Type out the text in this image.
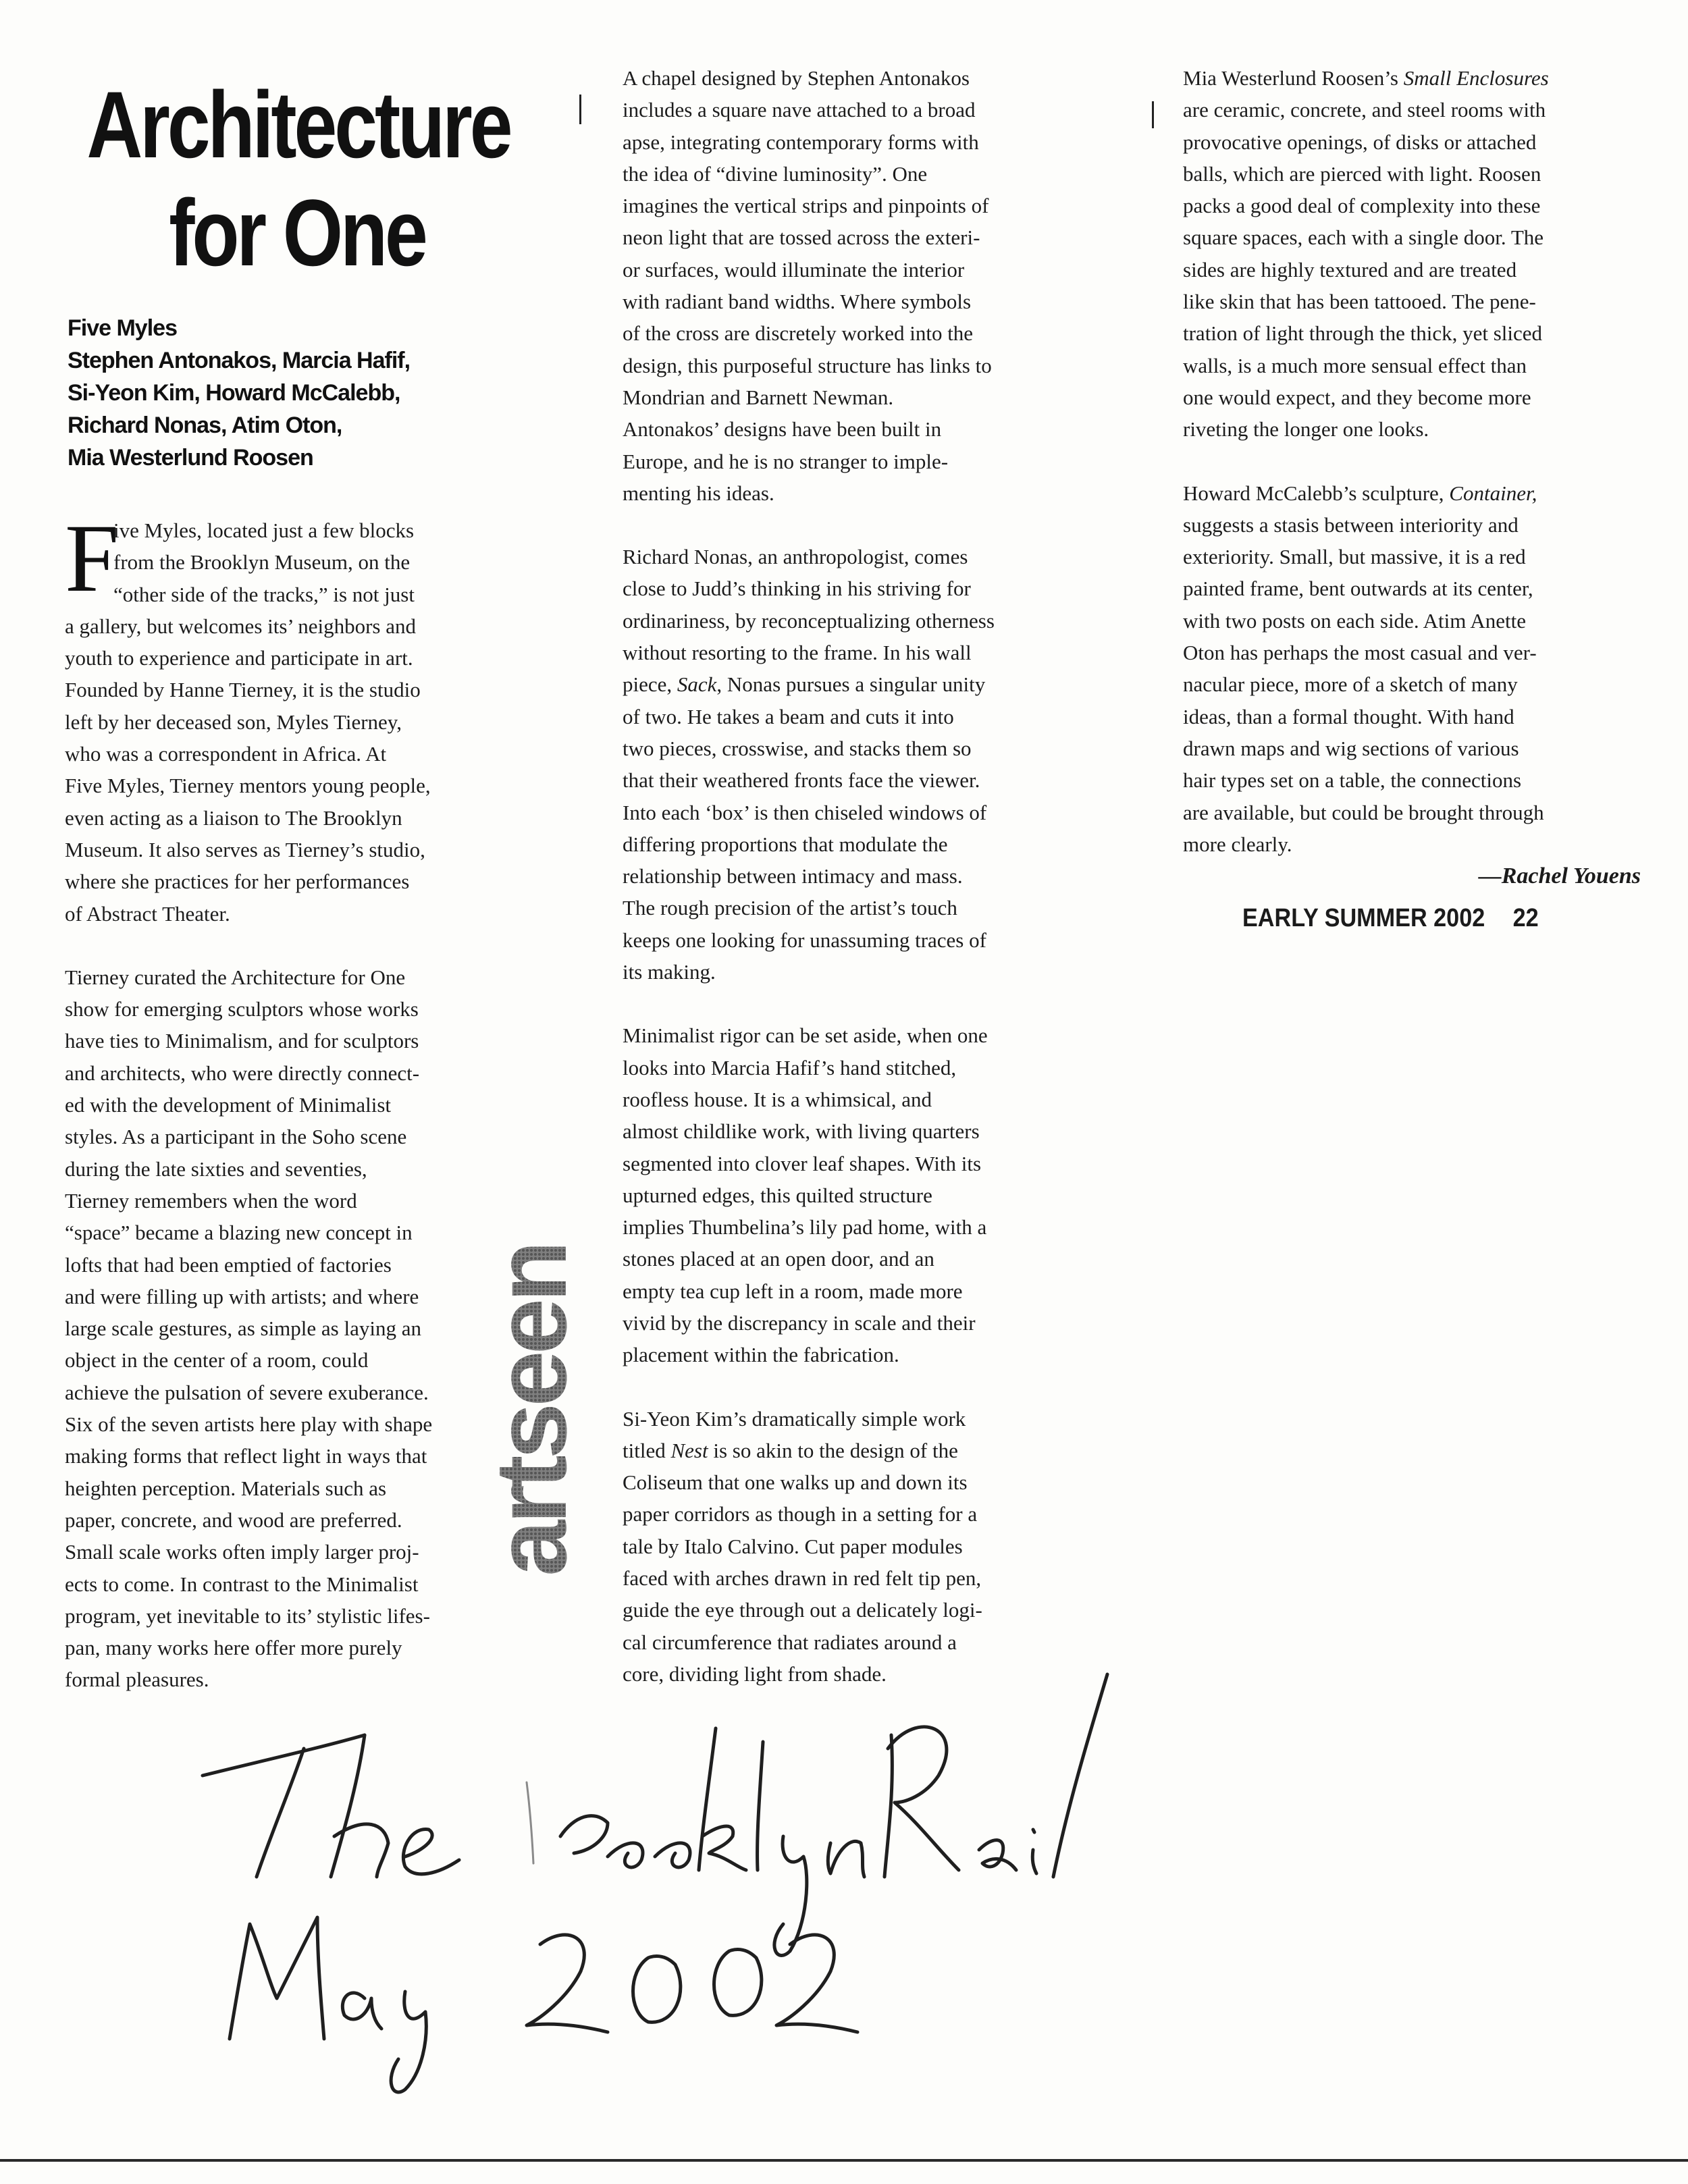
Architecture
for One
Five Myles
Stephen Antonakos, Marcia Hafif,
Si-Yeon Kim, Howard McCalebb,
Richard Nonas, Atim Oton,
Mia Westerlund Roosen
F

ive Myles, located just a few blocks

from the Brooklyn Museum, on the

“other side of the tracks,” is not just

a gallery, but welcomes its’ neighbors and

youth to experience and participate in art.

Founded by Hanne Tierney, it is the studio

left by her deceased son, Myles Tierney,

who was a correspondent in Africa. At

Five Myles, Tierney mentors young people,

even acting as a liaison to The Brooklyn

Museum. It also serves as Tierney’s studio,

where she practices for her performances

of Abstract Theater.

Tierney curated the Architecture for One

show for emerging sculptors whose works

have ties to Minimalism, and for sculptors

and architects, who were directly connect-

ed with the development of Minimalist

styles. As a participant in the Soho scene

during the late sixties and seventies,

Tierney remembers when the word

“space” became a blazing new concept in

lofts that had been emptied of factories

and were filling up with artists; and where

large scale gestures, as simple as laying an

object in the center of a room, could

achieve the pulsation of severe exuberance.

Six of the seven artists here play with shape

making forms that reflect light in ways that

heighten perception. Materials such as

paper, concrete, and wood are preferred.

Small scale works often imply larger proj-

ects to come. In contrast to the Minimalist

program, yet inevitable to its’ stylistic lifes-

pan, many works here offer more purely

formal pleasures.

A chapel designed by Stephen Antonakos

includes a square nave attached to a broad

apse, integrating contemporary forms with

the idea of “divine luminosity”. One

imagines the vertical strips and pinpoints of

neon light that are tossed across the exteri-

or surfaces, would illuminate the interior

with radiant band widths. Where symbols

of the cross are discretely worked into the

design, this purposeful structure has links to

Mondrian and Barnett Newman.

Antonakos’ designs have been built in

Europe, and he is no stranger to imple-

menting his ideas.

Richard Nonas, an anthropologist, comes

close to Judd’s thinking in his striving for

ordinariness, by reconceptualizing otherness

without resorting to the frame. In his wall

piece, Sack, Nonas pursues a singular unity

of two. He takes a beam and cuts it into

two pieces, crosswise, and stacks them so

that their weathered fronts face the viewer.

Into each ‘box’ is then chiseled windows of

differing proportions that modulate the

relationship between intimacy and mass.

The rough precision of the artist’s touch

keeps one looking for unassuming traces of

its making.

Minimalist rigor can be set aside, when one

looks into Marcia Hafif’s hand stitched,

roofless house. It is a whimsical, and

almost childlike work, with living quarters

segmented into clover leaf shapes. With its

upturned edges, this quilted structure

implies Thumbelina’s lily pad home, with a

stones placed at an open door, and an

empty tea cup left in a room, made more

vivid by the discrepancy in scale and their

placement within the fabrication.

Si-Yeon Kim’s dramatically simple work

titled Nest is so akin to the design of the

Coliseum that one walks up and down its

paper corridors as though in a setting for a

tale by Italo Calvino. Cut paper modules

faced with arches drawn in red felt tip pen,

guide the eye through out a delicately logi-

cal circumference that radiates around a

core, dividing light from shade.

Mia Westerlund Roosen’s Small Enclosures

are ceramic, concrete, and steel rooms with

provocative openings, of disks or attached

balls, which are pierced with light. Roosen

packs a good deal of complexity into these

square spaces, each with a single door. The

sides are highly textured and are treated

like skin that has been tattooed. The pene-

tration of light through the thick, yet sliced

walls, is a much more sensual effect than

one would expect, and they become more

riveting the longer one looks.

Howard McCalebb’s sculpture, Container,

suggests a stasis between interiority and

exteriority. Small, but massive, it is a red

painted frame, bent outwards at its center,

with two posts on each side. Atim Anette

Oton has perhaps the most casual and ver-

nacular piece, more of a sketch of many

ideas, than a formal thought. With hand

drawn maps and wig sections of various

hair types set on a table, the connections

are available, but could be brought through

more clearly.

—Rachel Youens
EARLY SUMMER 2002 22
artseen
The Brooklyn Rail
May 2002
